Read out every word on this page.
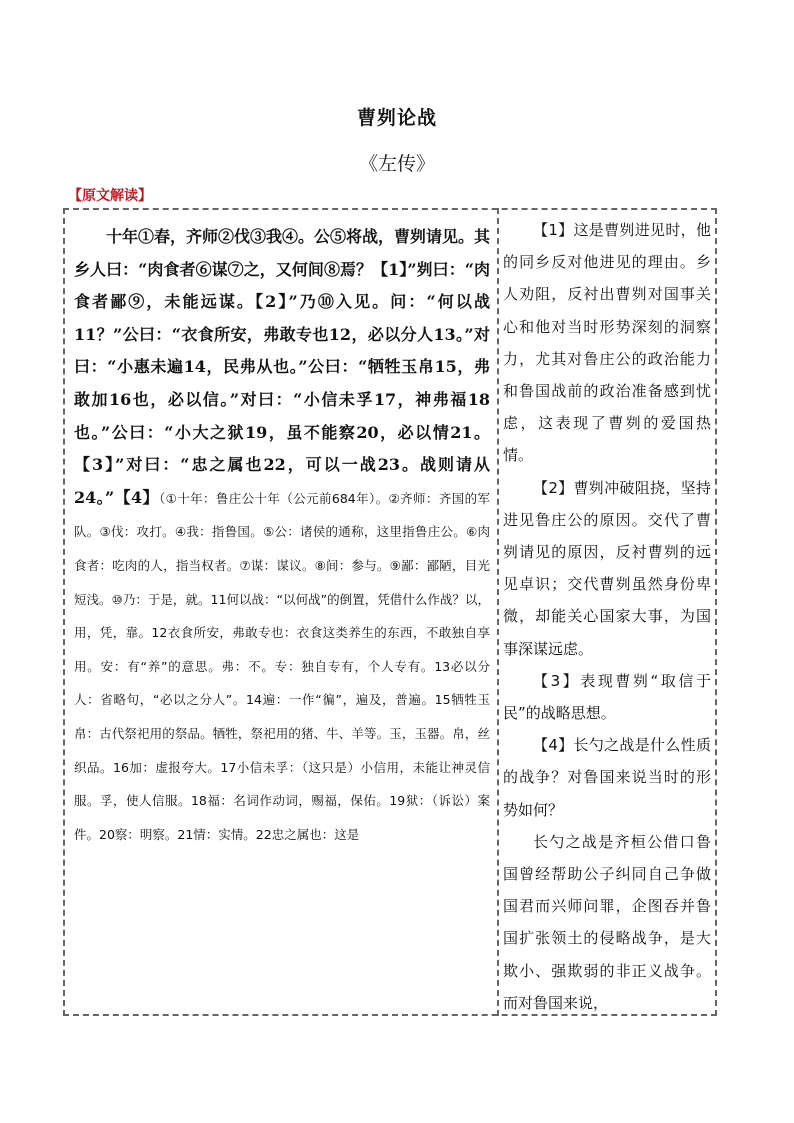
曹刿论战
《左传》
【原文解读】

十年①春，齐师②伐③我④。公⑤将战，曹刿请见。其乡人曰：“肉食者⑥谋⑦之，又何间⑧焉？【1】”刿曰：“肉食者鄙⑨，未能远谋。【2】”乃⑩入见。问：“何以战11？”公曰：“衣食所安，弗敢专也12，必以分人13。”对曰：“小惠未遍14，民弗从也。”公曰：“牺牲玉帛15，弗敢加16也，必以信。”对曰：“小信未孚17，神弗福18也。”公曰：“小大之狱19，虽不能察20，必以情21。【3】”对曰：“忠之属也22，可以一战23。战则请从24。”【4】（①十年：鲁庄公十年（公元前684年）。②齐师：齐国的军队。③伐：攻打。④我：指鲁国。⑤公：诸侯的通称，这里指鲁庄公。⑥肉食者：吃肉的人，指当权者。⑦谋：谋议。⑧间：参与。⑨鄙：鄙陋，目光短浅。⑩乃：于是，就。11何以战：“以何战”的倒置，凭借什么作战？以，用，凭，靠。12衣食所安，弗敢专也：衣食这类养生的东西，不敢独自享用。安：有“养”的意思。弗：不。专：独自专有，个人专有。13必以分人：省略句，“必以之分人”。14遍：一作“徧”，遍及，普遍。15牺牲玉帛：古代祭祀用的祭品。牺牲，祭祀用的猪、牛、羊等。玉，玉器。帛，丝织品。16加：虚报夸大。17小信未孚：（这只是）小信用，未能让神灵信服。孚，使人信服。18福：名词作动词，赐福，保佑。19狱：（诉讼）案件。20察：明察。21情：实情。22忠之属也：这是

【1】这是曹刿进见时，他的同乡反对他进见的理由。乡人劝阻，反衬出曹刿对国事关心和他对当时形势深刻的洞察力，尤其对鲁庄公的政治能力和鲁国战前的政治准备感到忧虑，这表现了曹刿的爱国热情。

【2】曹刿冲破阻挠，坚持进见鲁庄公的原因。交代了曹刿请见的原因，反衬曹刿的远见卓识；交代曹刿虽然身份卑微，却能关心国家大事，为国事深谋远虑。

【3】表现曹刿“取信于民”的战略思想。

【4】长勺之战是什么性质的战争？对鲁国来说当时的形势如何？

长勺之战是齐桓公借口鲁国曾经帮助公子纠同自己争做国君而兴师问罪，企图吞并鲁国扩张领土的侵略战争，是大欺小、强欺弱的非正义战争。而对鲁国来说，
